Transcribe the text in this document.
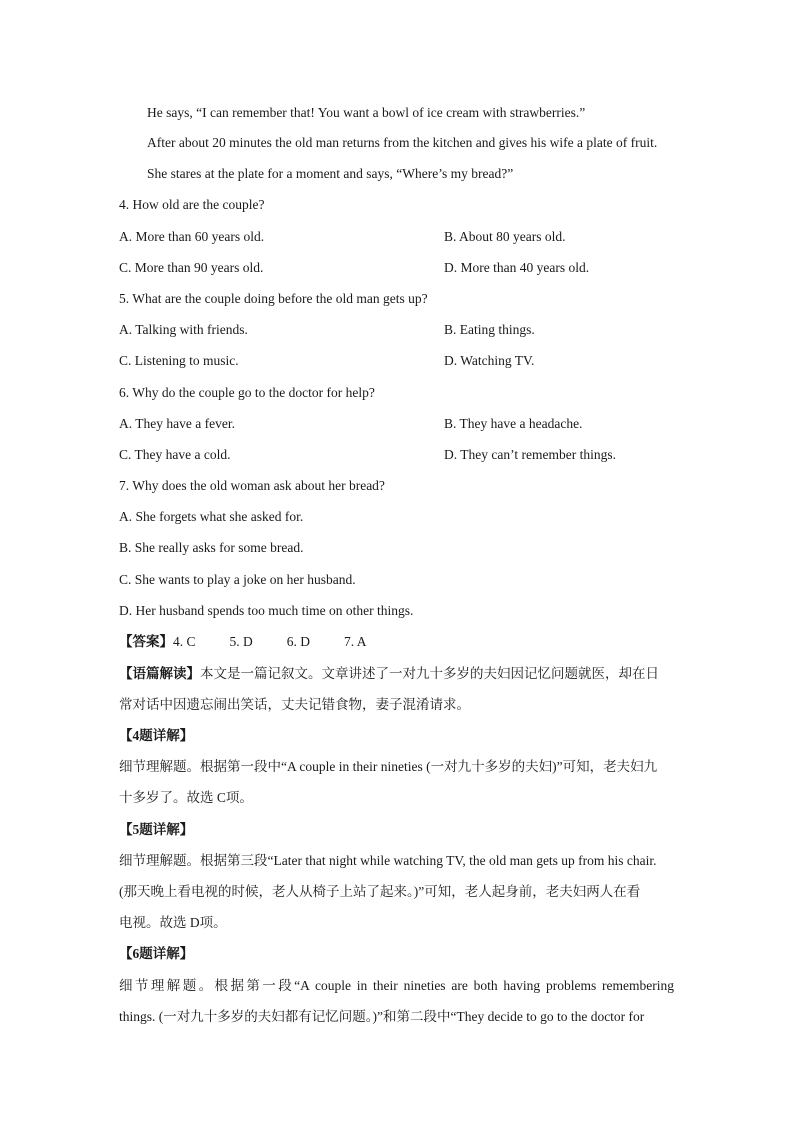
He says, “I can remember that! You want a bowl of ice cream with strawberries.”
After about 20 minutes the old man returns from the kitchen and gives his wife a plate of fruit.
She stares at the plate for a moment and says, “Where’s my bread?”
4. How old are the couple?
A. More than 60 years old.	B. About 80 years old.
C. More than 90 years old.	D. More than 40 years old.
5. What are the couple doing before the old man gets up?
A. Talking with friends.	B. Eating things.
C. Listening to music.	D. Watching TV.
6. Why do the couple go to the doctor for help?
A. They have a fever.	B. They have a headache.
C. They have a cold.	D. They can’t remember things.
7. Why does the old woman ask about her bread?
A. She forgets what she asked for.
B. She really asks for some bread.
C. She wants to play a joke on her husband.
D. Her husband spends too much time on other things.
【答案】4. C	5. D	6. D	7. A
【语篇解读】本文是一篇记叙文。文章讲述了一对九十多岁的夫妇因记忆问题就医，却在日
常对话中因遗忘闹出笑话，丈夫记错食物，妻子混淆请求。
【4题详解】
细节理解题。根据第一段中“A couple in their nineties (一对九十多岁的夫妇)”可知，老夫妇九
十多岁了。故选 C项。
【5题详解】
细节理解题。根据第三段“Later that night while watching TV, the old man gets up from his chair.
(那天晚上看电视的时候，老人从椅子上站了起来。)”可知，老人起身前，老夫妇两人在看
电视。故选 D项。
【6题详解】
细节理解题。根据第一段“A couple in their nineties are both having problems remembering
things. (一对九十多岁的夫妇都有记忆问题。)”和第二段中“They decide to go to the doctor for
